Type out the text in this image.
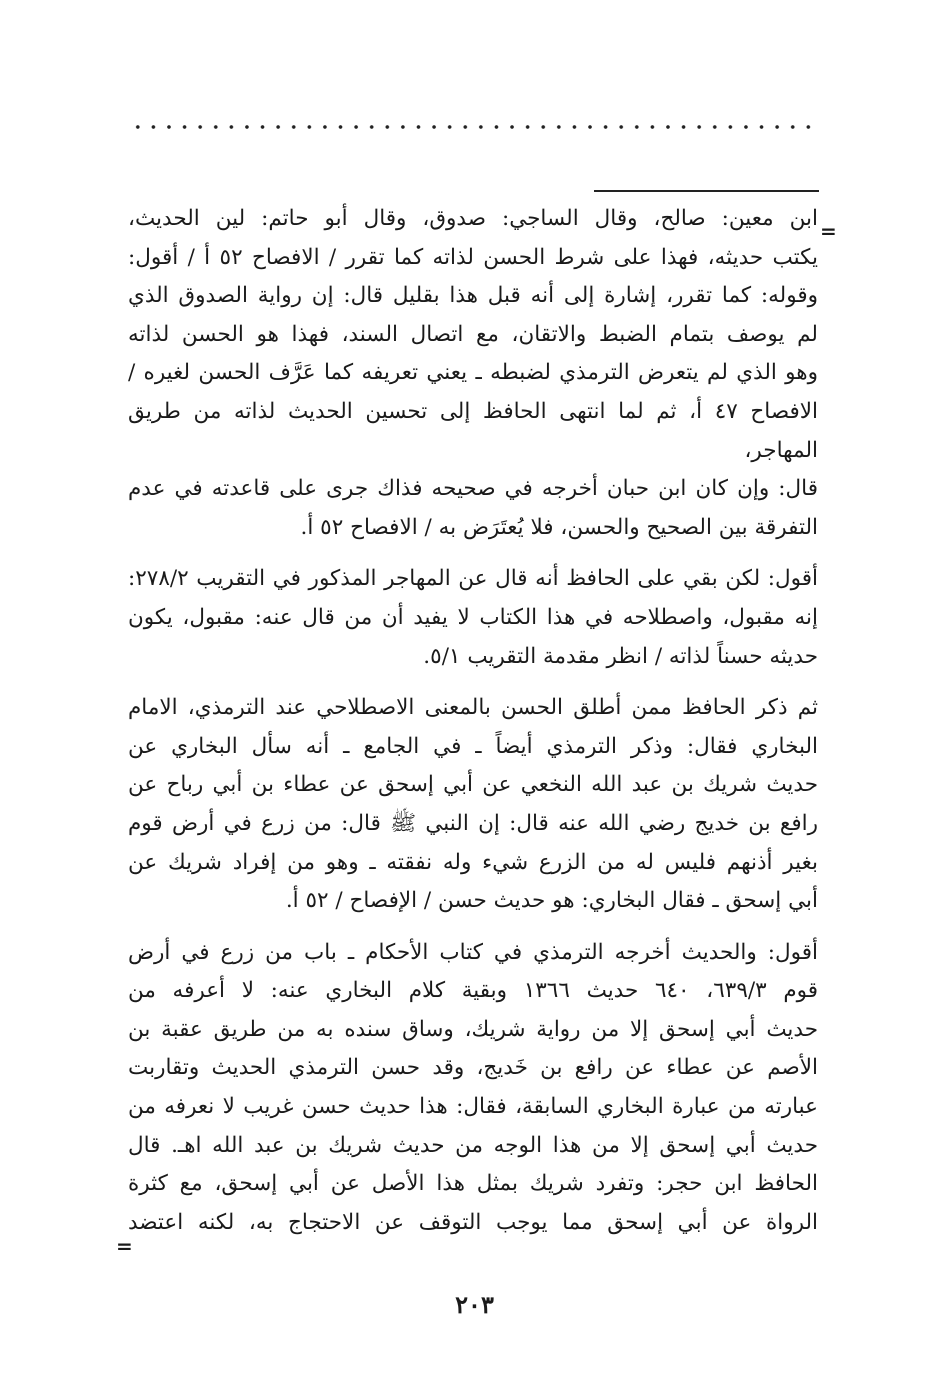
=
=
ابن معين: صالح، وقال الساجي: صدوق، وقال أبو حاتم: لين الحديث،
يكتب حديثه، فهذا على شرط الحسن لذاته كما تقرر / الافصاح ٥٢ أ / أقول:
وقوله: كما تقرر، إشارة إلى أنه قبل هذا بقليل قال: إن رواية الصدوق الذي
لم يوصف بتمام الضبط والاتقان، مع اتصال السند، فهذا هو الحسن لذاته
وهو الذي لم يتعرض الترمذي لضبطه ـ يعني تعريفه كما عَرَّف الحسن لغيره /
الافصاح ٤٧ أ، ثم لما انتهى الحافظ إلى تحسين الحديث لذاته من طريق المهاجر،
قال: وإن كان ابن حبان أخرجه في صحيحه فذاك جرى على قاعدته في عدم
التفرقة بين الصحيح والحسن، فلا يُعتَرَض به / الافصاح ٥٢ أ.
أقول: لكن بقي على الحافظ أنه قال عن المهاجر المذكور في التقريب ٢٧٨/٢:
إنه مقبول، واصطلاحه في هذا الكتاب لا يفيد أن من قال عنه: مقبول، يكون
حديثه حسناً لذاته / انظر مقدمة التقريب ٥/١.
ثم ذكر الحافظ ممن أطلق الحسن بالمعنى الاصطلاحي عند الترمذي، الامام
البخاري فقال: وذكر الترمذي أيضاً ـ في الجامع ـ أنه سأل البخاري عن
حديث شريك بن عبد الله النخعي عن أبي إسحق عن عطاء بن أبي رباح عن
رافع بن خديج رضي الله عنه قال: إن النبي ﷺ قال: من زرع في أرض قوم
بغير أذنهم فليس له من الزرع شيء وله نفقته ـ وهو من إفراد شريك عن
أبي إسحق ـ فقال البخاري: هو حديث حسن / الإفصاح / ٥٢ أ.
أقول: والحديث أخرجه الترمذي في كتاب الأحكام ـ باب من زرع في أرض
قوم ٦٣٩/٣، ٦٤٠ حديث ١٣٦٦ وبقية كلام البخاري عنه: لا أعرفه من
حديث أبي إسحق إلا من رواية شريك، وساق سنده به من طريق عقبة بن
الأصم عن عطاء عن رافع بن خَديج، وقد حسن الترمذي الحديث وتقاربت
عبارته من عبارة البخاري السابقة، فقال: هذا حديث حسن غريب لا نعرفه من
حديث أبي إسحق إلا من هذا الوجه من حديث شريك بن عبد الله اهـ. قال
الحافظ ابن حجر: وتفرد شريك بمثل هذا الأصل عن أبي إسحق، مع كثرة
الرواة عن أبي إسحق مما يوجب التوقف عن الاحتجاج به، لكنه اعتضد
٢٠٣
